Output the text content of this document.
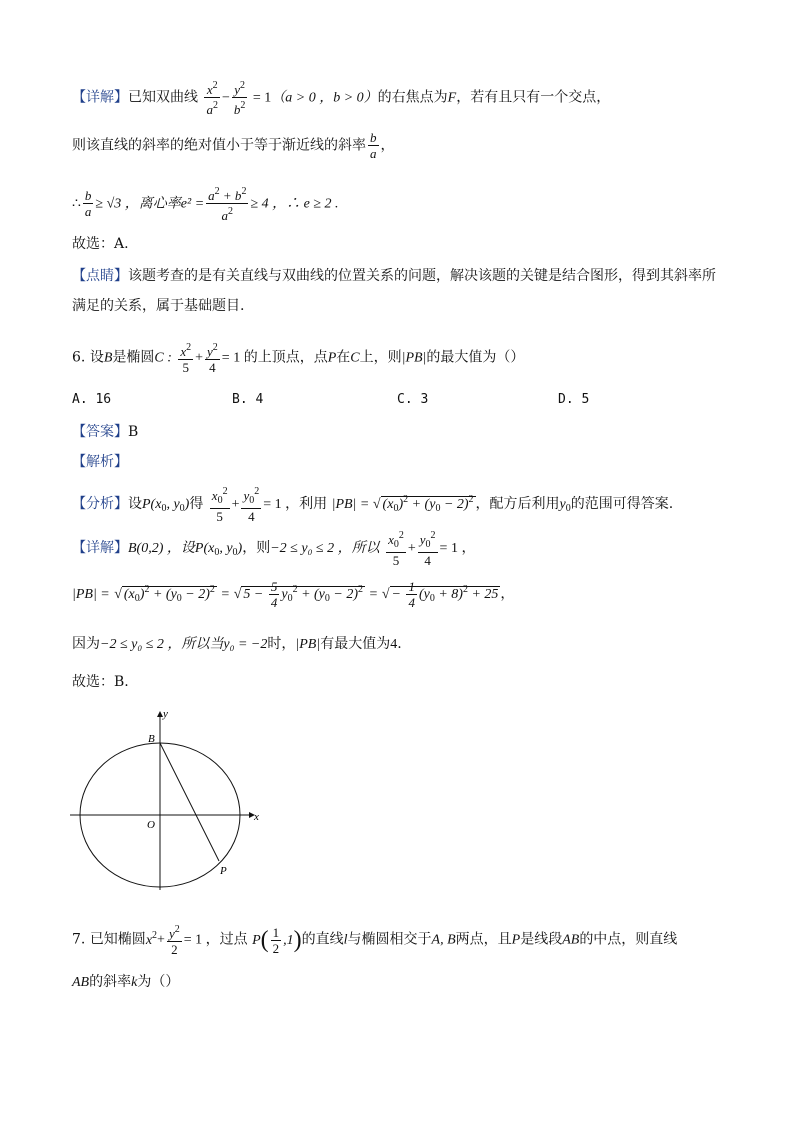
【详解】已知双曲线 $\frac{x^2}{a^2} - \frac{y^2}{b^2} = 1(a > 0$ ，b > 0）的右焦点为F，若有且只有一个交点，
则该直线的斜率的绝对值小于等于渐近线的斜率 $\frac{b}{a}$ ，
∴ $\frac{b}{a} \ge √3$ ，离心率$e^2 = \frac{a^2 + b^2}{a^2} \ge 4$ ，∴ e ≥ 2 .
故选：A.
【点睛】该题考查的是有关直线与双曲线的位置关系的问题，解决该题的关键是结合图形，得到其斜率所
满足的关系，属于基础题目.
6. 设B是椭圆C : $\frac{x^2}{5} + \frac{y^2}{4} = 1$ 的上顶点，点P在C上，则|PB|的最大值为（）
A. 16	B. 4	C. 3	D. 5
【答案】B
【解析】
【分析】设$P(x_0$, $y_0$)得 $\frac{x_0^2}{5} + \frac{y_0^2}{4} = 1$ ，利用 |PB| = √ $(x_0)^2 + (y_0 - 2)^2$ ，配方后利用$y_0$的范围可得答案.
【详解】B(0,2) ，设$P(x_0$, $y_0$)，则−2 ≤ y₀ ≤ 2 ，所以 $\frac{x_0^2}{5} + \frac{y_0^2}{4} = 1$ ，
|PB| = √ $(x_0)^2 + (y_0 - 2)^2$ = √ $5 - \frac{5}{4} y_0^2 + (y_0 - 2)^2$ = √ − $\frac{1}{4} (y_0 + 8)^2 + 25$ ，
因为−2 ≤ y₀ ≤ 2 ，所以当y₀ = −2时，|PB|有最大值为4.
故选：B.
y
x
O
B
P
7. 已知椭圆$x^2+ \frac{y^2}{2} = 1$ ，过点 $P( \frac{1}{2} ,1)$的直线l与椭圆相交于A, B两点，且P是线段AB的中点，则直线
AB的斜率k为（）
